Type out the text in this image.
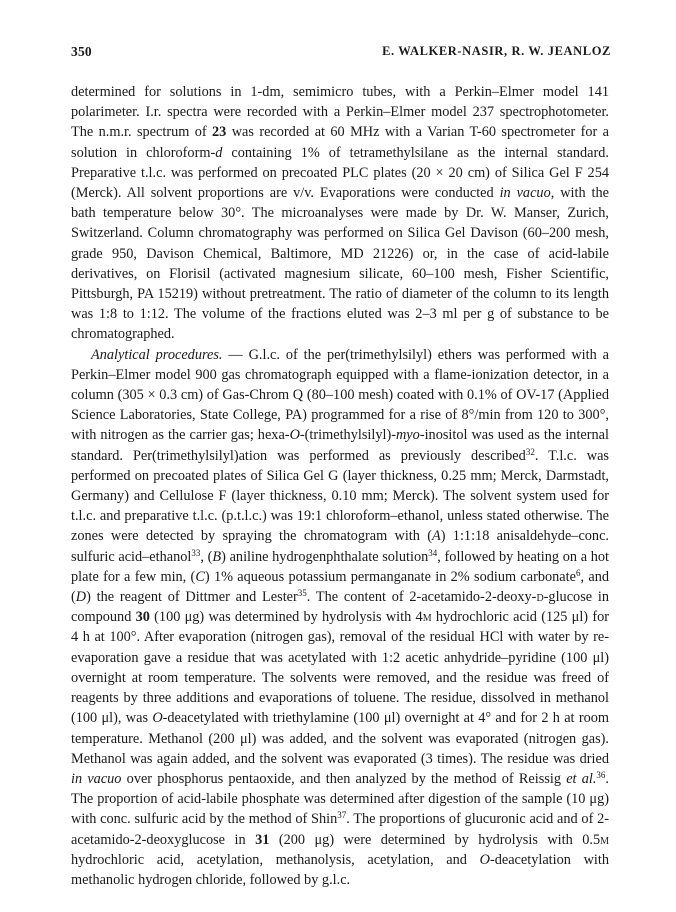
350	E. WALKER-NASIR, R. W. JEANLOZ

determined for solutions in 1-dm, semimicro tubes, with a Perkin–Elmer model 141 polarimeter. I.r. spectra were recorded with a Perkin–Elmer model 237 spectrophotometer. The n.m.r. spectrum of 23 was recorded at 60 MHz with a Varian T-60 spectrometer for a solution in chloroform-d containing 1% of tetramethylsilane as the internal standard. Preparative t.l.c. was performed on precoated PLC plates (20 × 20 cm) of Silica Gel F 254 (Merck). All solvent proportions are v/v. Evaporations were conducted in vacuo, with the bath temperature below 30°. The microanalyses were made by Dr. W. Manser, Zurich, Switzerland. Column chromatography was performed on Silica Gel Davison (60–200 mesh, grade 950, Davison Chemical, Baltimore, MD 21226) or, in the case of acid-labile derivatives, on Florisil (activated magnesium silicate, 60–100 mesh, Fisher Scientific, Pittsburgh, PA 15219) without pretreatment. The ratio of diameter of the column to its length was 1:8 to 1:12. The volume of the fractions eluted was 2–3 ml per g of substance to be chromatographed.

Analytical procedures. — G.l.c. of the per(trimethylsilyl) ethers was performed with a Perkin–Elmer model 900 gas chromatograph equipped with a flame-ionization detector, in a column (305 × 0.3 cm) of Gas-Chrom Q (80–100 mesh) coated with 0.1% of OV-17 (Applied Science Laboratories, State College, PA) programmed for a rise of 8°/min from 120 to 300°, with nitrogen as the carrier gas; hexa-O-(trimethylsilyl)-myo-inositol was used as the internal standard. Per(trimethylsilyl)ation was performed as previously described$^{32}$. T.l.c. was performed on precoated plates of Silica Gel G (layer thickness, 0.25 mm; Merck, Darmstadt, Germany) and Cellulose F (layer thickness, 0.10 mm; Merck). The solvent system used for t.l.c. and preparative t.l.c. (p.t.l.c.) was 19:1 chloroform–ethanol, unless stated otherwise. The zones were detected by spraying the chromatogram with (A) 1:1:18 anisaldehyde–conc. sulfuric acid–ethanol$^{33}$, (B) aniline hydrogenphthalate solution$^{34}$, followed by heating on a hot plate for a few min, (C) 1% aqueous potassium permanganate in 2% sodium carbonate$^6$, and (D) the reagent of Dittmer and Lester$^{35}$. The content of 2-acetamido-2-deoxy-d-glucose in compound 30 (100 μg) was determined by hydrolysis with 4m hydrochloric acid (125 μl) for 4 h at 100°. After evaporation (nitrogen gas), removal of the residual HCl with water by re-evaporation gave a residue that was acetylated with 1:2 acetic anhydride–pyridine (100 μl) overnight at room temperature. The solvents were removed, and the residue was freed of reagents by three additions and evaporations of toluene. The residue, dissolved in methanol (100 μl), was O-deacetylated with triethylamine (100 μl) overnight at 4° and for 2 h at room temperature. Methanol (200 μl) was added, and the solvent was evaporated (nitrogen gas). Methanol was again added, and the solvent was evaporated (3 times). The residue was dried in vacuo over phosphorus pentaoxide, and then analyzed by the method of Reissig et al.$^{36}$. The proportion of acid-labile phosphate was determined after digestion of the sample (10 μg) with conc. sulfuric acid by the method of Shin$^{37}$. The proportions of glucuronic acid and of 2-acetamido-2-deoxyglucose in 31 (200 μg) were determined by hydrolysis with 0.5m hydrochloric acid, acetylation, methanolysis, acetylation, and O-deacetylation with methanolic hydrogen chloride, followed by g.l.c.
